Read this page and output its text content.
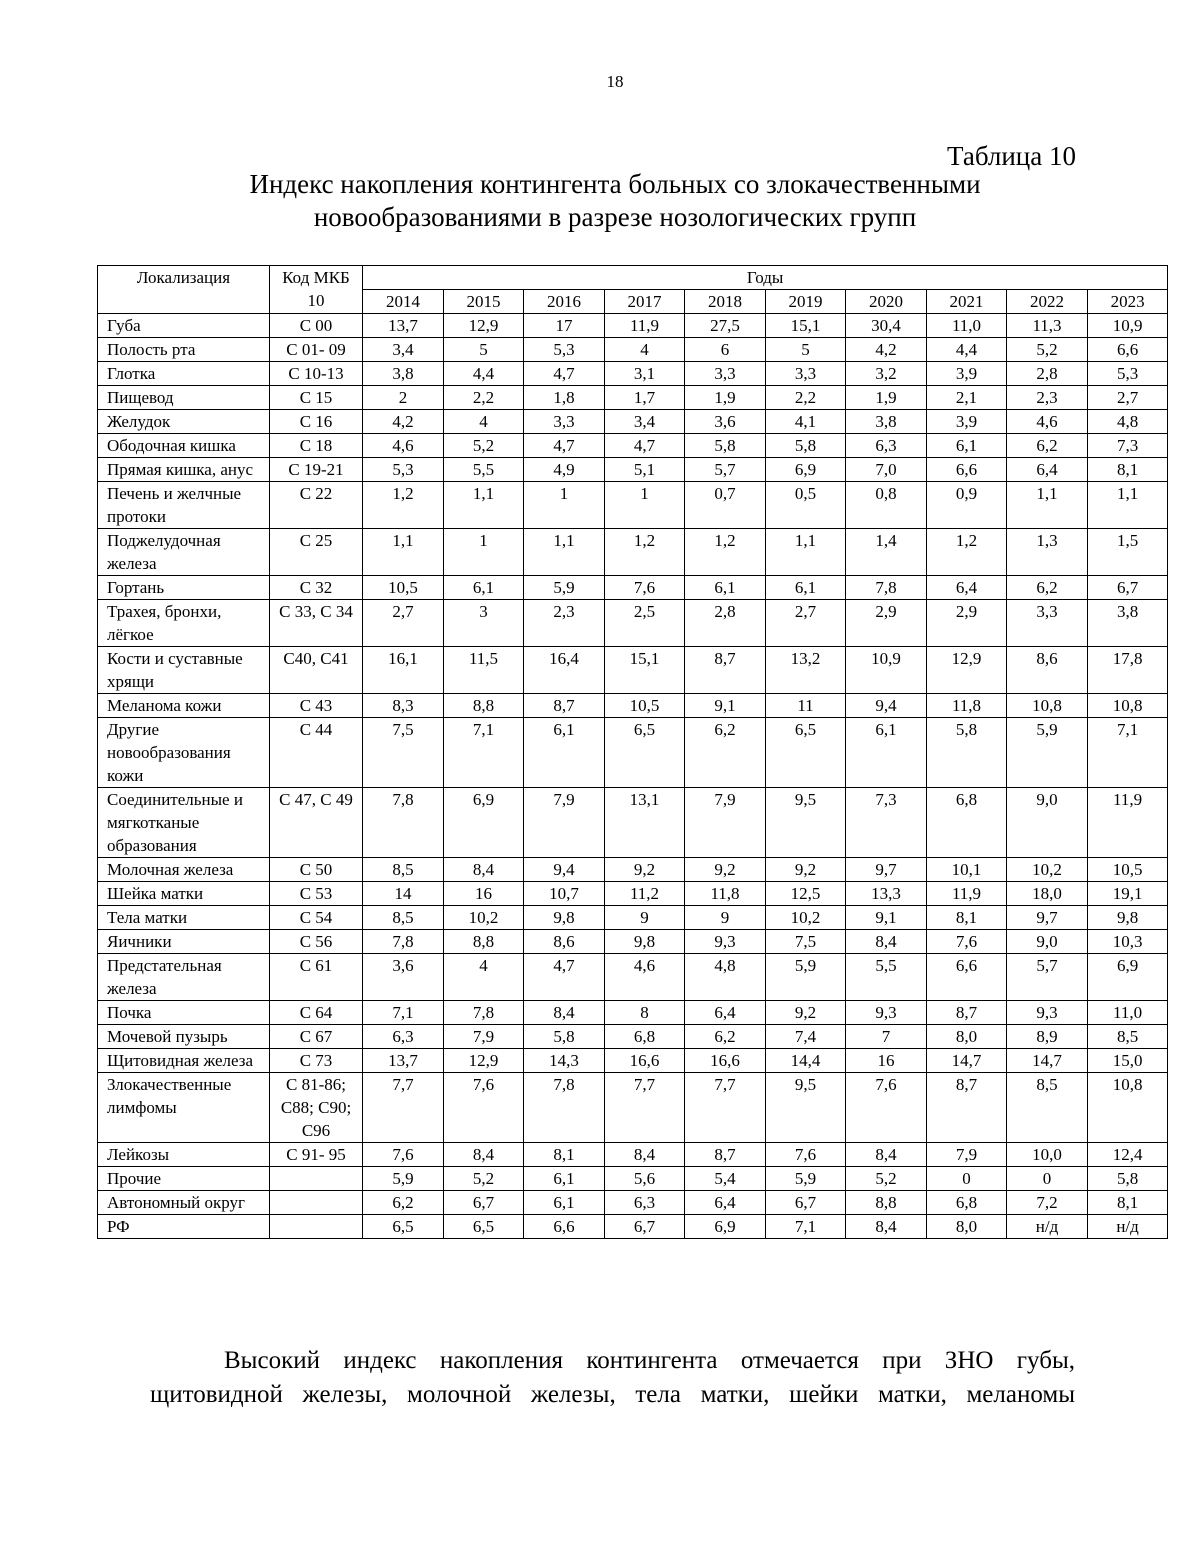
18
Таблица 10
Индекс накопления контингента больных со злокачественными
новообразованиями в разрезе нозологических групп
Локализация	Код МКБ 10	Годы									
		2014	2015	2016	2017	2018	2019	2020	2021	2022	2023
Губа	С 00	13,7	12,9	17	11,9	27,5	15,1	30,4	11,0	11,3	10,9
Полость рта	С 01- 09	3,4	5	5,3	4	6	5	4,2	4,4	5,2	6,6
Глотка	С 10-13	3,8	4,4	4,7	3,1	3,3	3,3	3,2	3,9	2,8	5,3
Пищевод	С 15	2	2,2	1,8	1,7	1,9	2,2	1,9	2,1	2,3	2,7
Желудок	С 16	4,2	4	3,3	3,4	3,6	4,1	3,8	3,9	4,6	4,8
Ободочная кишка	С 18	4,6	5,2	4,7	4,7	5,8	5,8	6,3	6,1	6,2	7,3
Прямая кишка, анус	С 19-21	5,3	5,5	4,9	5,1	5,7	6,9	7,0	6,6	6,4	8,1
Печень и желчные протоки	С 22	1,2	1,1	1	1	0,7	0,5	0,8	0,9	1,1	1,1
Поджелудочная железа	С 25	1,1	1	1,1	1,2	1,2	1,1	1,4	1,2	1,3	1,5
Гортань	С 32	10,5	6,1	5,9	7,6	6,1	6,1	7,8	6,4	6,2	6,7
Трахея, бронхи, лёгкое	С 33, С 34	2,7	3	2,3	2,5	2,8	2,7	2,9	2,9	3,3	3,8
Кости и суставные хрящи	С40, С41	16,1	11,5	16,4	15,1	8,7	13,2	10,9	12,9	8,6	17,8
Меланома кожи	С 43	8,3	8,8	8,7	10,5	9,1	11	9,4	11,8	10,8	10,8
Другие новообразования кожи	С 44	7,5	7,1	6,1	6,5	6,2	6,5	6,1	5,8	5,9	7,1
Соединительные и мягкотканые образования	С 47, С 49	7,8	6,9	7,9	13,1	7,9	9,5	7,3	6,8	9,0	11,9
Молочная железа	С 50	8,5	8,4	9,4	9,2	9,2	9,2	9,7	10,1	10,2	10,5
Шейка матки	С 53	14	16	10,7	11,2	11,8	12,5	13,3	11,9	18,0	19,1
Тела матки	С 54	8,5	10,2	9,8	9	9	10,2	9,1	8,1	9,7	9,8
Яичники	С 56	7,8	8,8	8,6	9,8	9,3	7,5	8,4	7,6	9,0	10,3
Предстательная железа	С 61	3,6	4	4,7	4,6	4,8	5,9	5,5	6,6	5,7	6,9
Почка	С 64	7,1	7,8	8,4	8	6,4	9,2	9,3	8,7	9,3	11,0
Мочевой пузырь	С 67	6,3	7,9	5,8	6,8	6,2	7,4	7	8,0	8,9	8,5
Щитовидная железа	С 73	13,7	12,9	14,3	16,6	16,6	14,4	16	14,7	14,7	15,0
Злокачественные лимфомы	С 81-86; С88; С90; С96	7,7	7,6	7,8	7,7	7,7	9,5	7,6	8,7	8,5	10,8
Лейкозы	С 91- 95	7,6	8,4	8,1	8,4	8,7	7,6	8,4	7,9	10,0	12,4
Прочие		5,9	5,2	6,1	5,6	5,4	5,9	5,2	0	0	5,8
Автономный округ		6,2	6,7	6,1	6,3	6,4	6,7	8,8	6,8	7,2	8,1
РФ		6,5	6,5	6,6	6,7	6,9	7,1	8,4	8,0	н/д	н/д
Высокий индекс накопления контингента отмечается при ЗНО губы,
щитовидной железы, молочной железы, тела матки, шейки матки, меланомы
